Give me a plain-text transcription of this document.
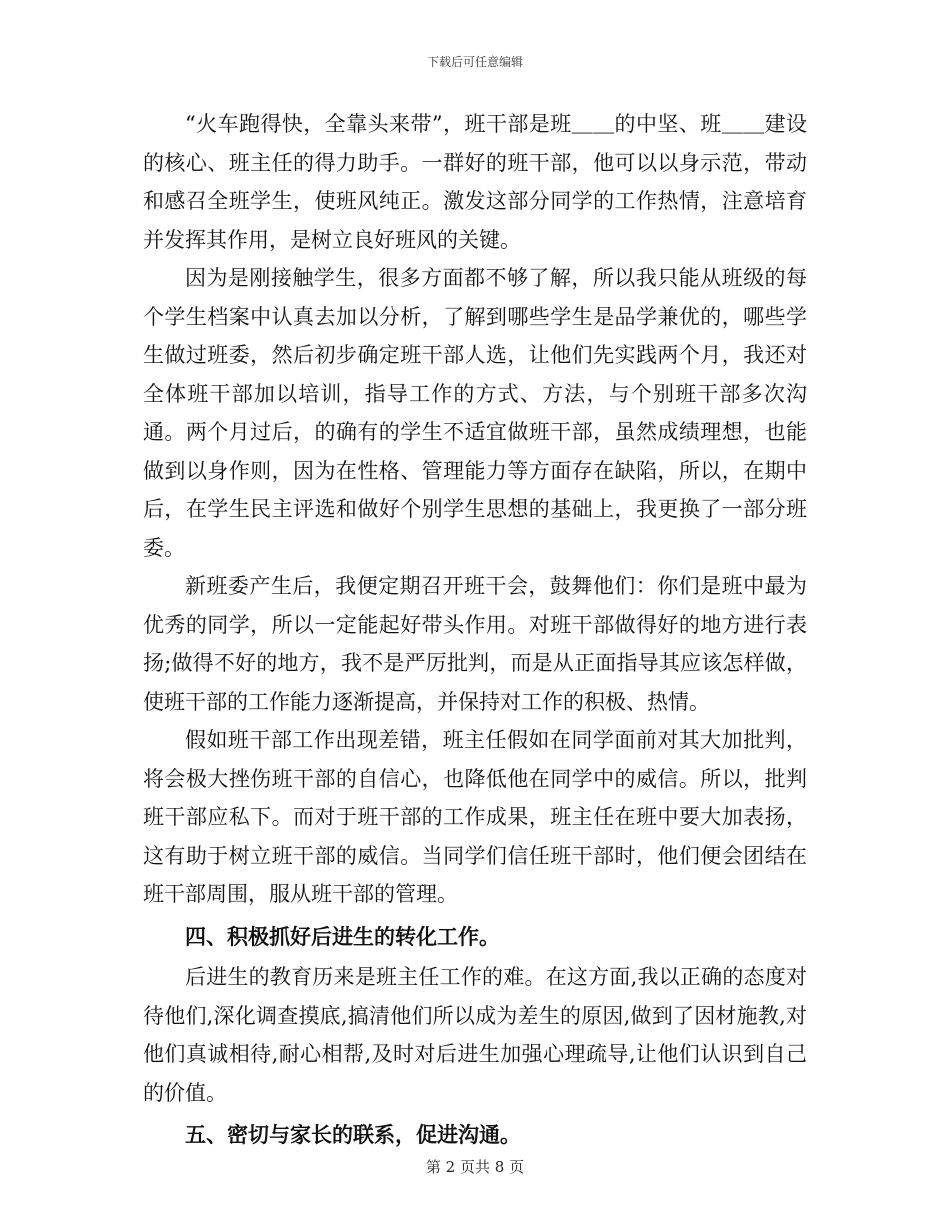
下载后可任意编辑

“火车跑得快，全靠头来带”，班干部是班＿＿的中坚、班＿＿建设的核心、班主任的得力助手。一群好的班干部，他可以以身示范，带动和感召全班学生，使班风纯正。激发这部分同学的工作热情，注意培育并发挥其作用，是树立良好班风的关键。

因为是刚接触学生，很多方面都不够了解，所以我只能从班级的每个学生档案中认真去加以分析，了解到哪些学生是品学兼优的，哪些学生做过班委，然后初步确定班干部人选，让他们先实践两个月，我还对全体班干部加以培训，指导工作的方式、方法，与个别班干部多次沟通。两个月过后，的确有的学生不适宜做班干部，虽然成绩理想，也能做到以身作则，因为在性格、管理能力等方面存在缺陷，所以，在期中后，在学生民主评选和做好个别学生思想的基础上，我更换了一部分班委。

新班委产生后，我便定期召开班干会，鼓舞他们：你们是班中最为优秀的同学，所以一定能起好带头作用。对班干部做得好的地方进行表扬;做得不好的地方，我不是严厉批判，而是从正面指导其应该怎样做，使班干部的工作能力逐渐提高，并保持对工作的积极、热情。

假如班干部工作出现差错，班主任假如在同学面前对其大加批判，将会极大挫伤班干部的自信心，也降低他在同学中的威信。所以，批判班干部应私下。而对于班干部的工作成果，班主任在班中要大加表扬，这有助于树立班干部的威信。当同学们信任班干部时，他们便会团结在班干部周围，服从班干部的管理。

四、积极抓好后进生的转化工作。

后进生的教育历来是班主任工作的难。在这方面,我以正确的态度对待他们,深化调查摸底,搞清他们所以成为差生的原因,做到了因材施教,对他们真诚相待,耐心相帮,及时对后进生加强心理疏导,让他们认识到自己的价值。

五、密切与家长的联系，促进沟通。

第 2 页共 8 页
